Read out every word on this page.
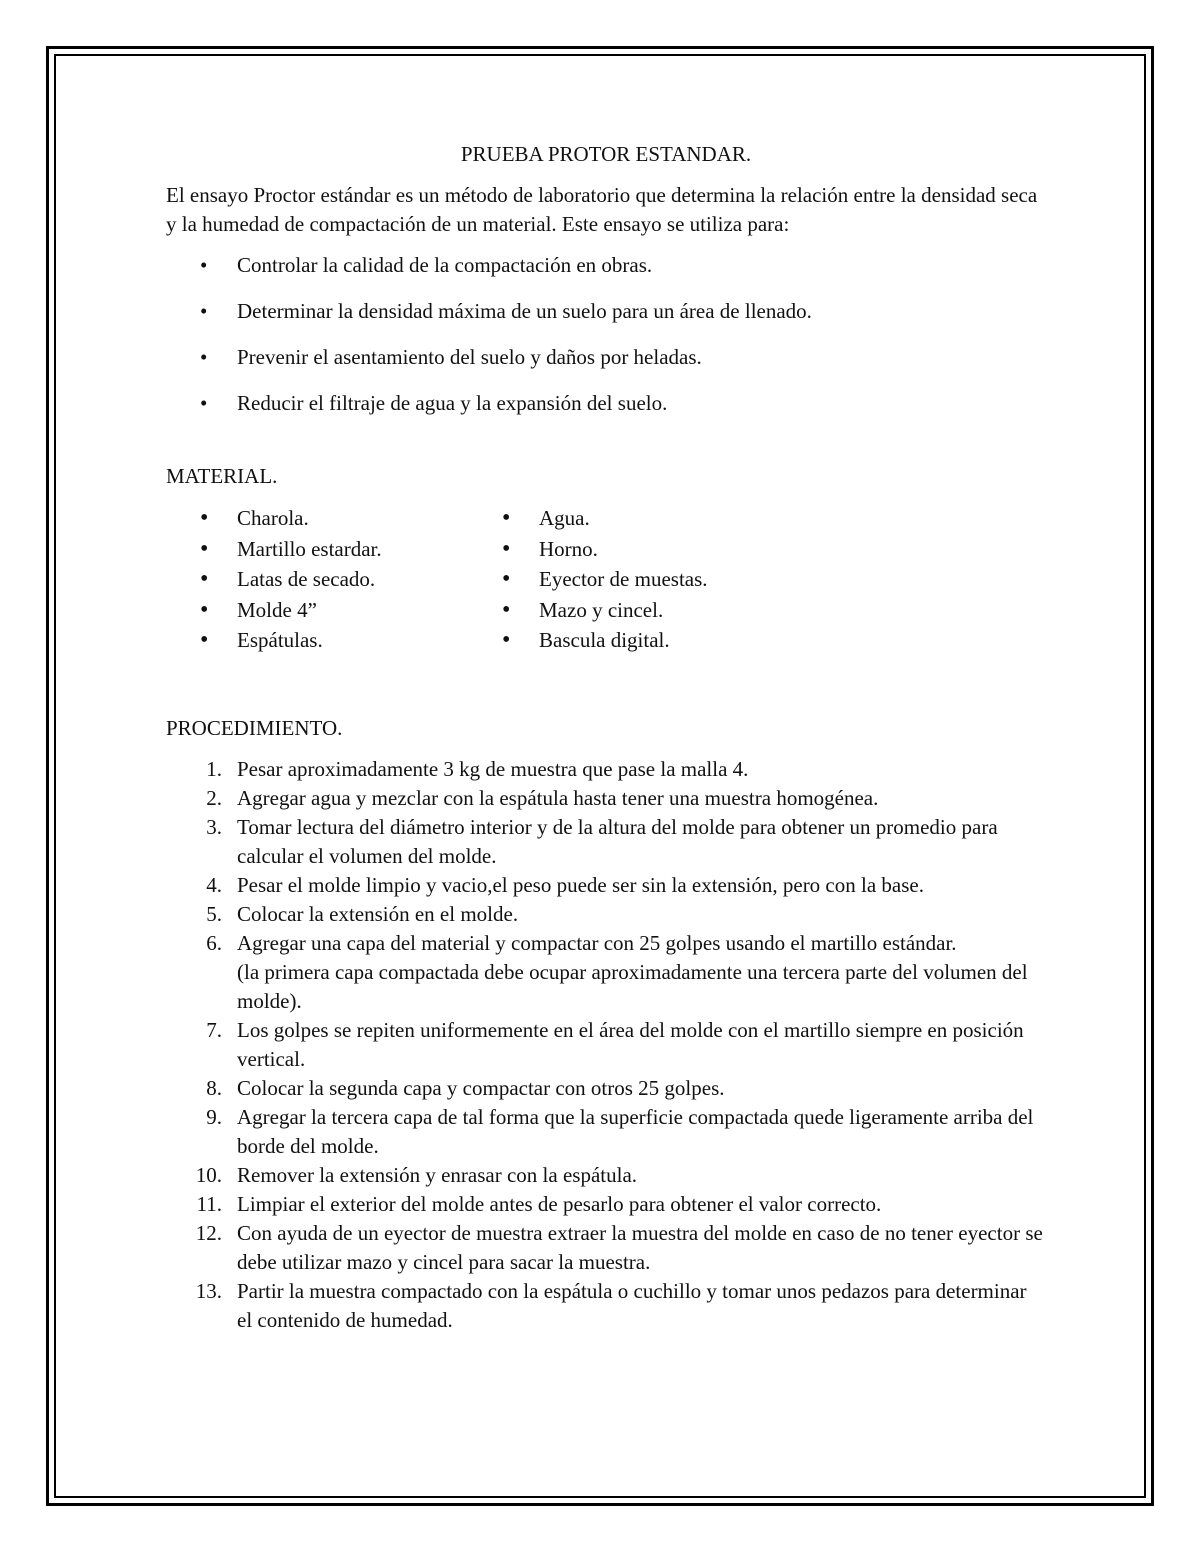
PRUEBA PROTOR ESTANDAR.

El ensayo Proctor estándar es un método de laboratorio que determina la relación entre la densidad seca y la humedad de compactación de un material. Este ensayo se utiliza para:

• Controlar la calidad de la compactación en obras.
• Determinar la densidad máxima de un suelo para un área de llenado.
• Prevenir el asentamiento del suelo y daños por heladas.
• Reducir el filtraje de agua y la expansión del suelo.

MATERIAL.

• Charola.
• Martillo estardar.
• Latas de secado.
• Molde 4”
• Espátulas.
• Agua.
• Horno.
• Eyector de muestas.
• Mazo y cincel.
• Bascula digital.

PROCEDIMIENTO.

1. Pesar aproximadamente 3 kg de muestra que pase la malla 4.
2. Agregar agua y mezclar con la espátula hasta tener una muestra homogénea.
3. Tomar lectura del diámetro interior y de la altura del molde para obtener un promedio para calcular el volumen del molde.
4. Pesar el molde limpio y vacio,el peso puede ser sin la extensión, pero con la base.
5. Colocar la extensión en el molde.
6. Agregar una capa del material y compactar con 25 golpes usando el martillo estándar.
(la primera capa compactada debe ocupar aproximadamente una tercera parte del volumen del molde).
7. Los golpes se repiten uniformemente en el área del molde con el martillo siempre en posición vertical.
8. Colocar la segunda capa y compactar con otros 25 golpes.
9. Agregar la tercera capa de tal forma que la superficie compactada quede ligeramente arriba del borde del molde.
10. Remover la extensión y enrasar con la espátula.
11. Limpiar el exterior del molde antes de pesarlo para obtener el valor correcto.
12. Con ayuda de un eyector de muestra extraer la muestra del molde en caso de no tener eyector se debe utilizar mazo y cincel para sacar la muestra.
13. Partir la muestra compactado con la espátula o cuchillo y tomar unos pedazos para determinar el contenido de humedad.
